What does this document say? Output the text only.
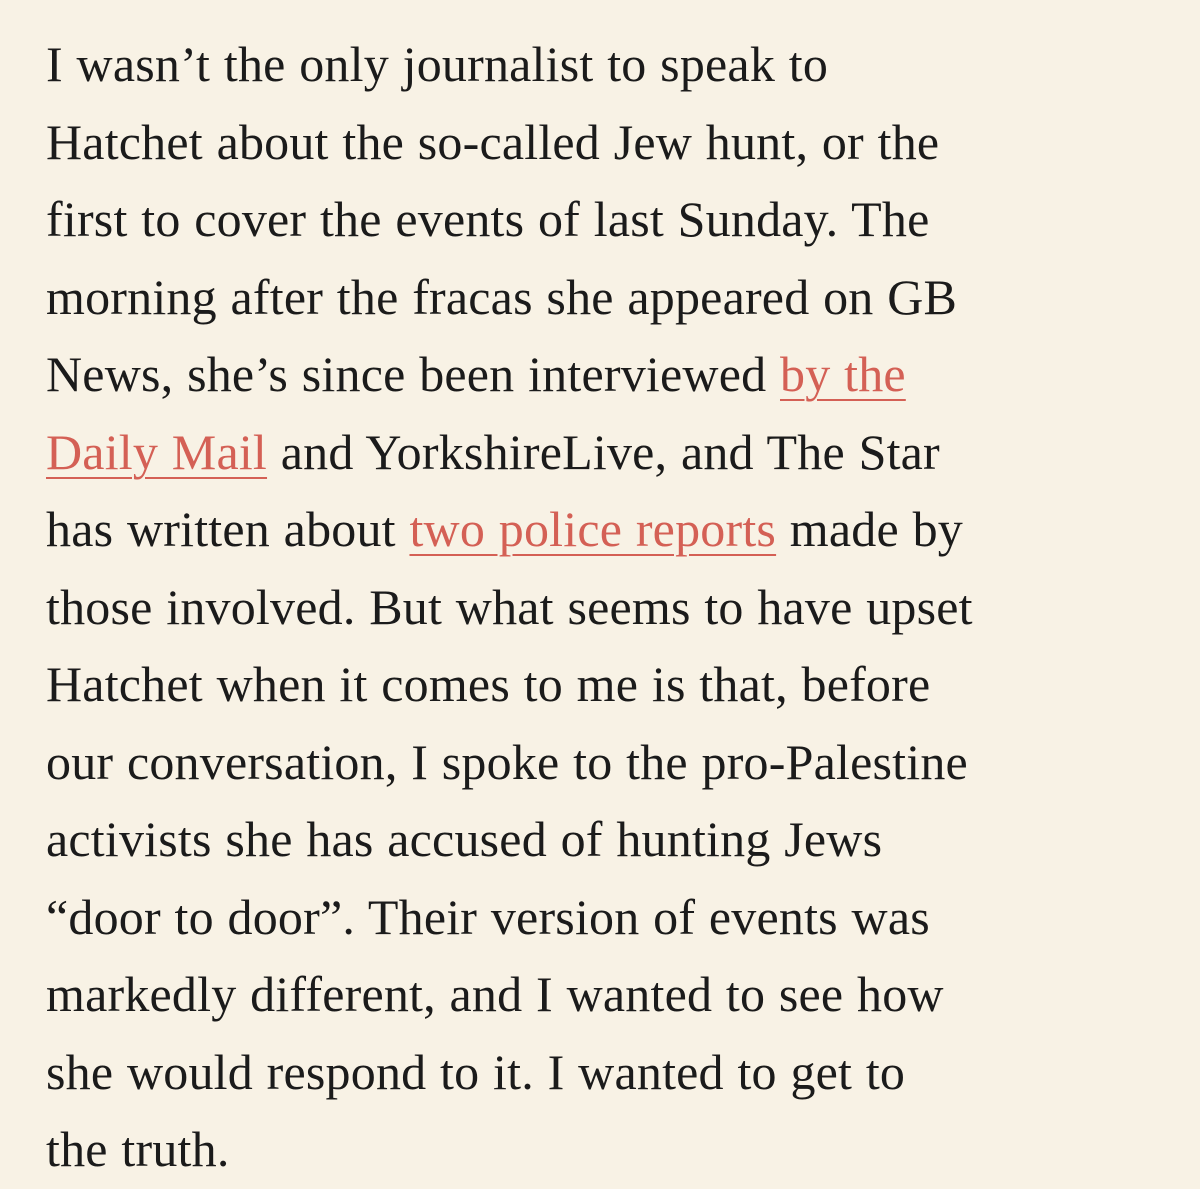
I wasn’t the only journalist to speak to
Hatchet about the so-called Jew hunt, or the
first to cover the events of last Sunday. The
morning after the fracas she appeared on GB
News, she’s since been interviewed by the
Daily Mail and YorkshireLive, and The Star
has written about two police reports made by
those involved. But what seems to have upset
Hatchet when it comes to me is that, before
our conversation, I spoke to the pro-Palestine
activists she has accused of hunting Jews
“door to door”. Their version of events was
markedly different, and I wanted to see how
she would respond to it. I wanted to get to
the truth.
